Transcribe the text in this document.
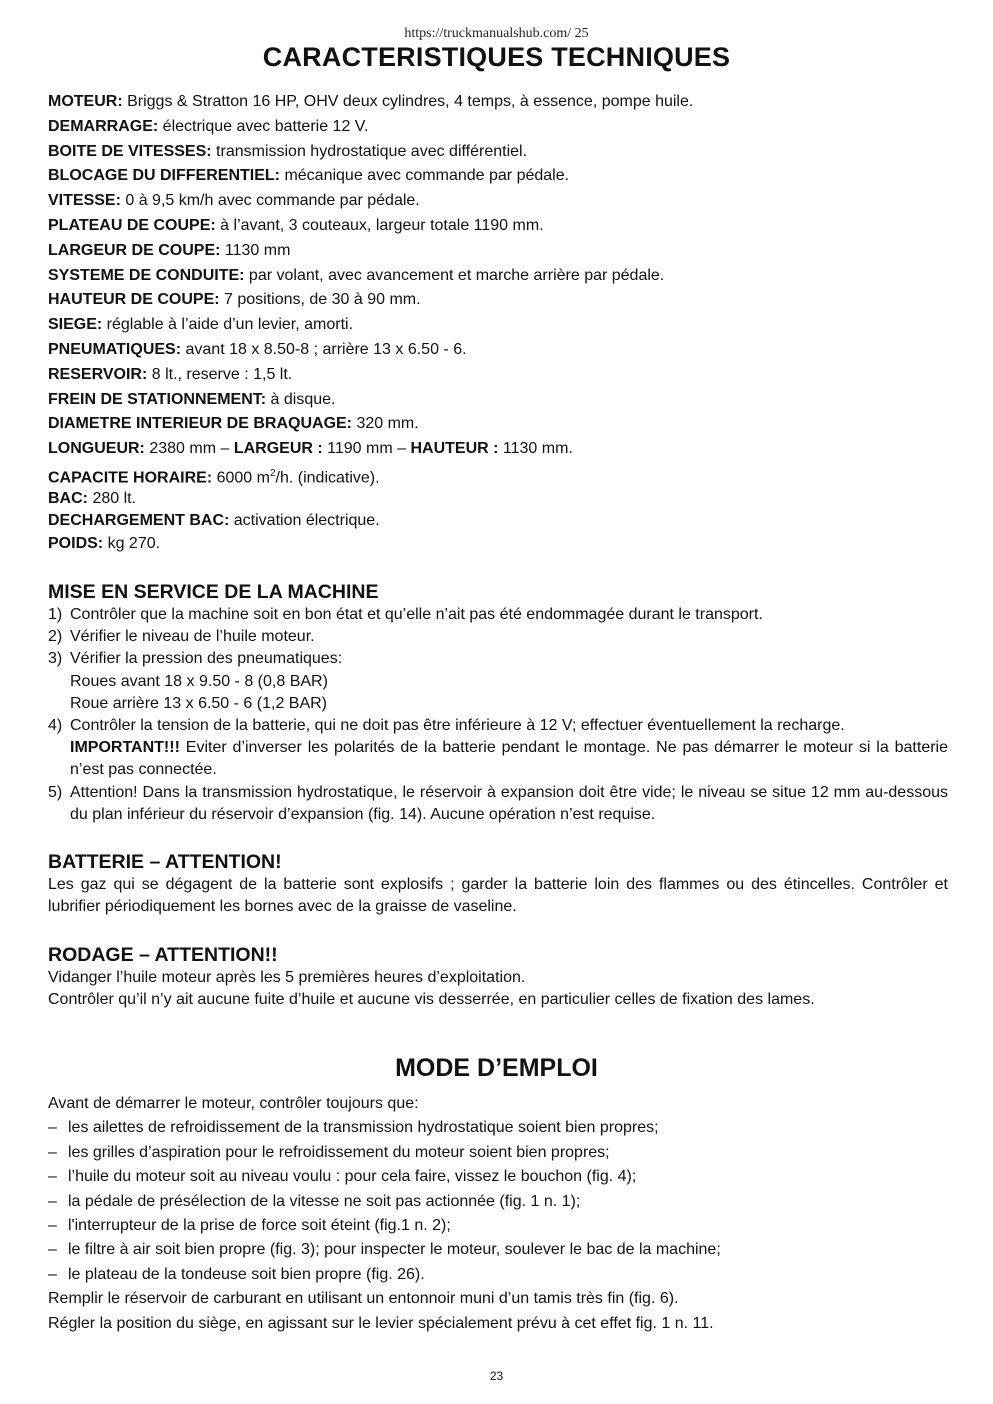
https://truckmanualshub.com/ 25
CARACTERISTIQUES TECHNIQUES
MOTEUR: Briggs & Stratton 16 HP, OHV deux cylindres, 4 temps, à essence, pompe huile.
DEMARRAGE: électrique avec batterie 12 V.
BOITE DE VITESSES: transmission hydrostatique avec différentiel.
BLOCAGE DU DIFFERENTIEL: mécanique avec commande par pédale.
VITESSE: 0 à 9,5 km/h avec commande par pédale.
PLATEAU DE COUPE: à l’avant, 3 couteaux, largeur totale 1190 mm.
LARGEUR DE COUPE: 1130 mm
SYSTEME DE CONDUITE: par volant, avec avancement et marche arrière par pédale.
HAUTEUR DE COUPE: 7 positions, de 30 à 90 mm.
SIEGE: réglable à l’aide d’un levier, amorti.
PNEUMATIQUES: avant 18 x 8.50-8 ; arrière 13 x 6.50 - 6.
RESERVOIR: 8 lt., reserve : 1,5 lt.
FREIN DE STATIONNEMENT: à disque.
DIAMETRE INTERIEUR DE BRAQUAGE: 320 mm.
LONGUEUR: 2380 mm – LARGEUR : 1190 mm – HAUTEUR : 1130 mm.
CAPACITE HORAIRE: 6000 $m^2/h$. (indicative).
BAC: 280 lt.
DECHARGEMENT BAC: activation électrique.
POIDS: kg 270.
MISE EN SERVICE DE LA MACHINE
1) Contrôler que la machine soit en bon état et qu’elle n’ait pas été endommagée durant le transport.
2) Vérifier le niveau de l’huile moteur.
3) Vérifier la pression des pneumatiques:
Roues avant 18 x 9.50 - 8 (0,8 BAR)
Roue arrière 13 x 6.50 - 6 (1,2 BAR)
4) Contrôler la tension de la batterie, qui ne doit pas être inférieure à 12 V; effectuer éventuellement la recharge.
IMPORTANT!!! Eviter d’inverser les polarités de la batterie pendant le montage. Ne pas démarrer le moteur si la batterie n’est pas connectée.
5) Attention! Dans la transmission hydrostatique, le réservoir à expansion doit être vide; le niveau se situe 12 mm au-dessous du plan inférieur du réservoir d’expansion (fig. 14). Aucune opération n’est requise.
BATTERIE – ATTENTION!

Les gaz qui se dégagent de la batterie sont explosifs ; garder la batterie loin des flammes ou des étincelles. Contrôler et lubrifier périodiquement les bornes avec de la graisse de vaseline.

RODAGE – ATTENTION!!

Vidanger l’huile moteur après les 5 premières heures d’exploitation.

Contrôler qu’il n’y ait aucune fuite d’huile et aucune vis desserrée, en particulier celles de fixation des lames.

MODE D’EMPLOI
Avant de démarrer le moteur, contrôler toujours que:
– les ailettes de refroidissement de la transmission hydrostatique soient bien propres;
– les grilles d’aspiration pour le refroidissement du moteur soient bien propres;
– l’huile du moteur soit au niveau voulu : pour cela faire, vissez le bouchon (fig. 4);
– la pédale de présélection de la vitesse ne soit pas actionnée (fig. 1 n. 1);
– l'interrupteur de la prise de force soit éteint (fig.1 n. 2);
– le filtre à air soit bien propre (fig. 3); pour inspecter le moteur, soulever le bac de la machine;
– le plateau de la tondeuse soit bien propre (fig. 26).
Remplir le réservoir de carburant en utilisant un entonnoir muni d’un tamis très fin (fig. 6).
Régler la position du siège, en agissant sur le levier spécialement prévu à cet effet fig. 1 n. 11.
23
